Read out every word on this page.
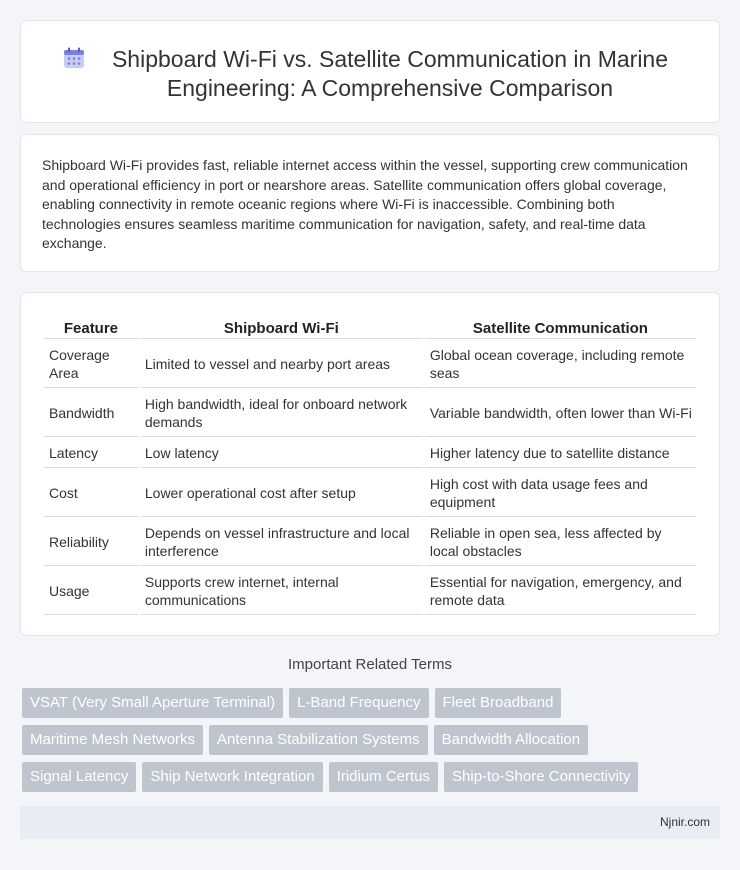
Shipboard Wi-Fi vs. Satellite Communication in Marine Engineering: A Comprehensive Comparison

Shipboard Wi-Fi provides fast, reliable internet access within the vessel, supporting crew communication and operational efficiency in port or nearshore areas. Satellite communication offers global coverage, enabling connectivity in remote oceanic regions where Wi-Fi is inaccessible. Combining both technologies ensures seamless maritime communication for navigation, safety, and real-time data exchange.

Feature	Shipboard Wi-Fi	Satellite Communication
Coverage Area	Limited to vessel and nearby port areas	Global ocean coverage, including remote seas
Bandwidth	High bandwidth, ideal for onboard network demands	Variable bandwidth, often lower than Wi-Fi
Latency	Low latency	Higher latency due to satellite distance
Cost	Lower operational cost after setup	High cost with data usage fees and equipment
Reliability	Depends on vessel infrastructure and local interference	Reliable in open sea, less affected by local obstacles
Usage	Supports crew internet, internal communications	Essential for navigation, emergency, and remote data
Important Related Terms
VSAT (Very Small Aperture Terminal)	L-Band Frequency	Fleet Broadband
Maritime Mesh Networks	Antenna Stabilization Systems	Bandwidth Allocation
Signal Latency	Ship Network Integration	Iridium Certus	Ship-to-Shore Connectivity
Njnir.com
